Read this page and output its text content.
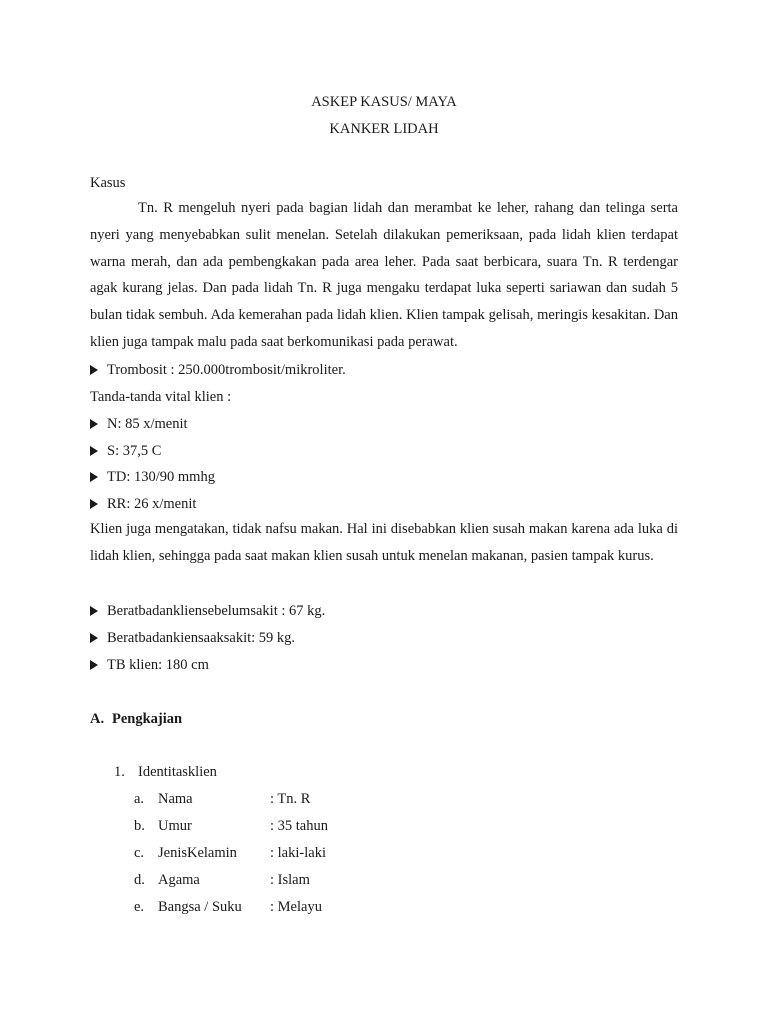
ASKEP KASUS/ MAYA
KANKER LIDAH
Kasus

Tn. R mengeluh nyeri pada bagian lidah dan merambat ke leher, rahang dan telinga serta nyeri yang menyebabkan sulit menelan. Setelah dilakukan pemeriksaan, pada lidah klien terdapat warna merah, dan ada pembengkakan pada area leher. Pada saat berbicara, suara Tn. R terdengar agak kurang jelas. Dan pada lidah Tn. R juga mengaku terdapat luka seperti sariawan dan sudah 5 bulan tidak sembuh. Ada kemerahan pada lidah klien. Klien tampak gelisah, meringis kesakitan. Dan klien juga tampak malu pada saat berkomunikasi pada perawat.

Trombosit : 250.000trombosit/mikroliter.
Tanda-tanda vital klien :
N: 85 x/menit
S: 37,5 C
TD: 130/90 mmhg
RR: 26 x/menit

Klien juga mengatakan, tidak nafsu makan. Hal ini disebabkan klien susah makan karena ada luka di lidah klien, sehingga pada saat makan klien susah untuk menelan makanan, pasien tampak kurus.

Beratbadankliensebelumsakit : 67 kg.
Beratbadankiensaaksakit: 59 kg.
TB klien: 180 cm
A. Pengkajian
1. Identitasklien
a. Nama	: Tn. R
b. Umur	: 35 tahun
c. JenisKelamin : laki-laki
d. Agama	: Islam
e. Bangsa / Suku : Melayu
